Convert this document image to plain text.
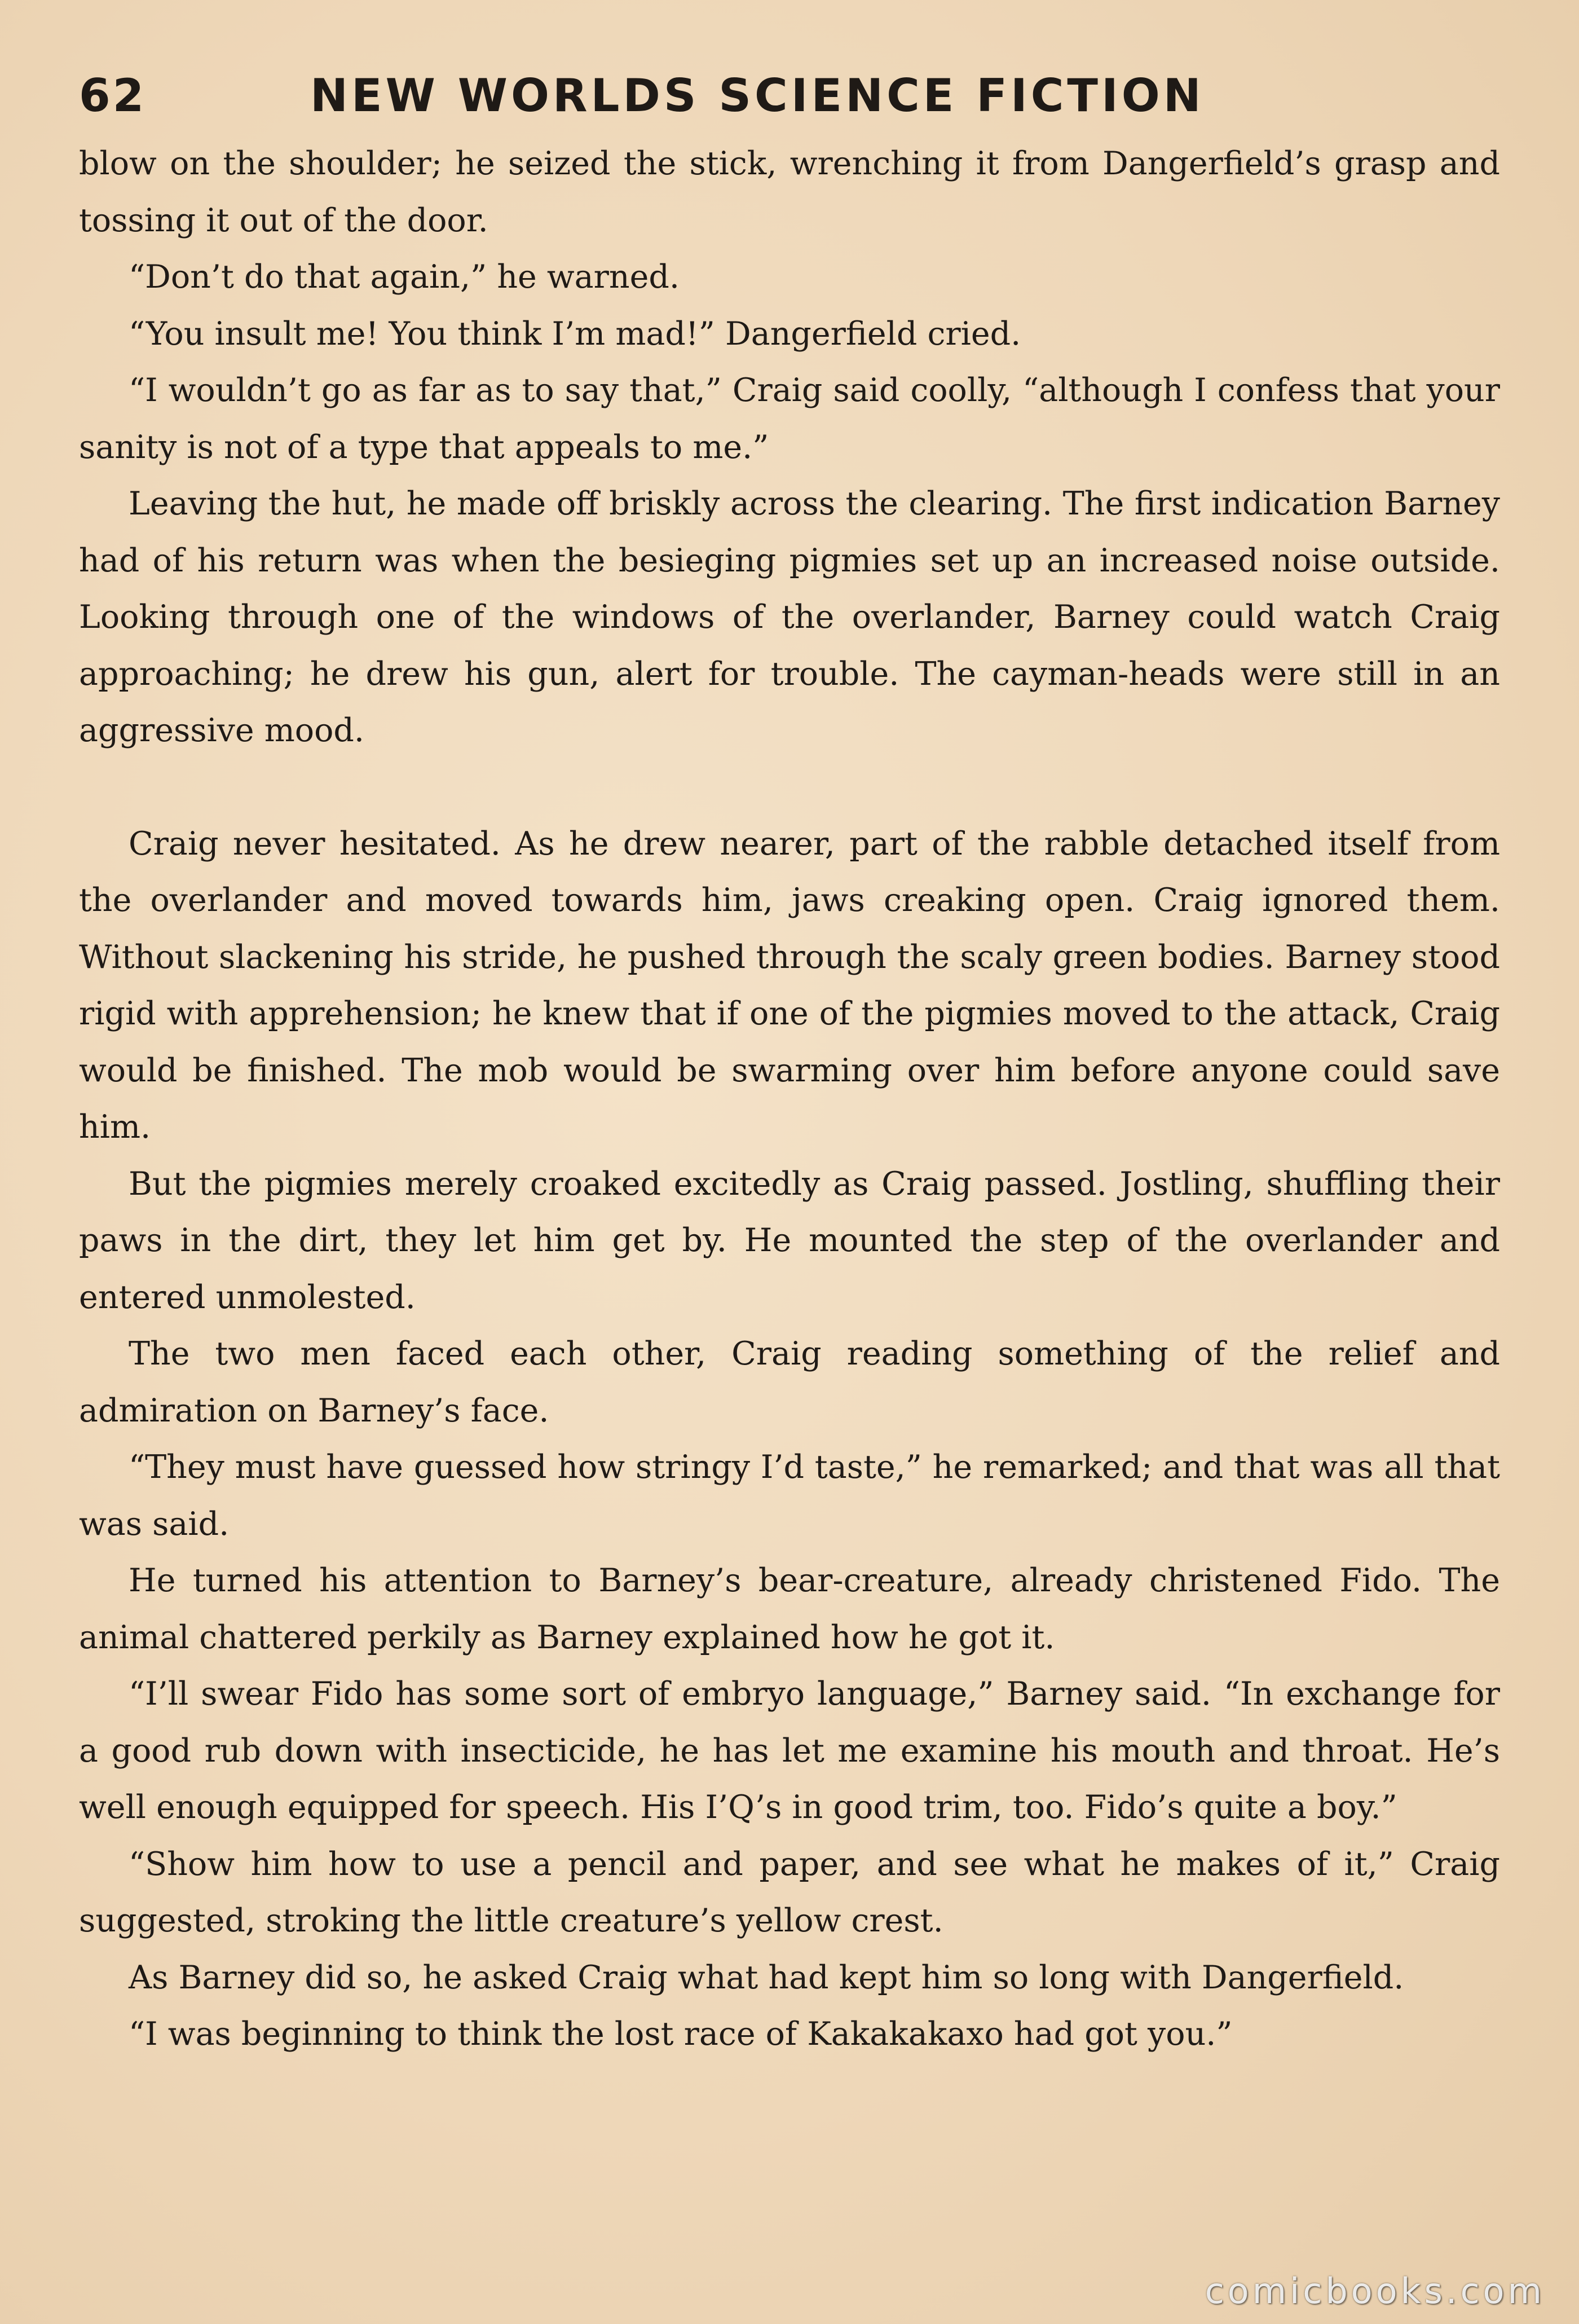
62	NEW WORLDS SCIENCE FICTION

blow on the shoulder; he seized the stick, wrenching it from Dangerfield’s grasp and tossing it out of the door.

“Don’t do that again,” he warned.

“You insult me! You think I’m mad!” Dangerfield cried.

“I wouldn’t go as far as to say that,” Craig said coolly, “although I confess that your sanity is not of a type that appeals to me.”

Leaving the hut, he made off briskly across the clearing. The first indication Barney had of his return was when the besieging pigmies set up an increased noise outside. Looking through one of the windows of the overlander, Barney could watch Craig approaching; he drew his gun, alert for trouble. The cayman-heads were still in an aggressive mood.

Craig never hesitated. As he drew nearer, part of the rabble detached itself from the overlander and moved towards him, jaws creaking open. Craig ignored them. Without slackening his stride, he pushed through the scaly green bodies. Barney stood rigid with apprehension; he knew that if one of the pigmies moved to the attack, Craig would be finished. The mob would be swarming over him before anyone could save him.

But the pigmies merely croaked excitedly as Craig passed. Jostling, shuffling their paws in the dirt, they let him get by. He mounted the step of the overlander and entered unmolested.

The two men faced each other, Craig reading something of the relief and admiration on Barney’s face.

“They must have guessed how stringy I’d taste,” he remarked; and that was all that was said.

He turned his attention to Barney’s bear-creature, already christened Fido. The animal chattered perkily as Barney explained how he got it.

“I’ll swear Fido has some sort of embryo language,” Barney said. “In exchange for a good rub down with insecticide, he has let me examine his mouth and throat. He’s well enough equipped for speech. His I’Q’s in good trim, too. Fido’s quite a boy.”

“Show him how to use a pencil and paper, and see what he makes of it,” Craig suggested, stroking the little creature’s yellow crest.

As Barney did so, he asked Craig what had kept him so long with Dangerfield.

“I was beginning to think the lost race of Kakakakaxo had got you.”

comicbooks.com
